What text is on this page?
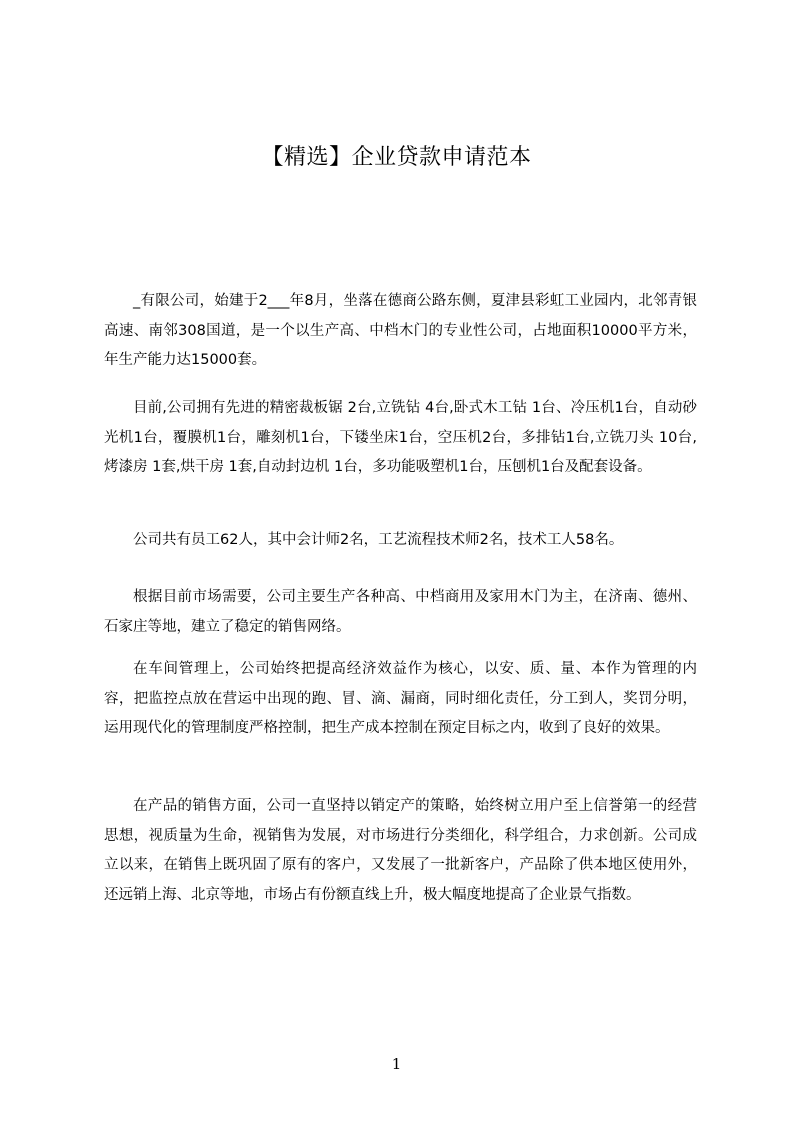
【精选】企业贷款申请范本
_有限公司，始建于2___年8月，坐落在德商公路东侧，夏津县彩虹工业园内，北邻青银高速、南邻308国道，是一个以生产高、中档木门的专业性公司，占地面积10000平方米，年生产能力达15000套。
目前,公司拥有先进的精密裁板锯 2台,立铣钻 4台,卧式木工钻 1台、冷压机1台，自动砂光机1台，覆膜机1台，雕刻机1台，下镂坐床1台，空压机2台，多排钻1台,立铣刀头 10台,烤漆房 1套,烘干房 1套,自动封边机 1台，多功能吸塑机1台，压刨机1台及配套设备。
公司共有员工62人，其中会计师2名，工艺流程技术师2名，技术工人58名。
根据目前市场需要，公司主要生产各种高、中档商用及家用木门为主，在济南、德州、石家庄等地，建立了稳定的销售网络。
在车间管理上，公司始终把提高经济效益作为核心，以安、质、量、本作为管理的内容，把监控点放在营运中出现的跑、冒、滴、漏商，同时细化责任，分工到人，奖罚分明，运用现代化的管理制度严格控制，把生产成本控制在预定目标之内，收到了良好的效果。
在产品的销售方面，公司一直坚持以销定产的策略，始终树立用户至上信誉第一的经营思想，视质量为生命，视销售为发展，对市场进行分类细化，科学组合，力求创新。公司成立以来，在销售上既巩固了原有的客户，又发展了一批新客户，产品除了供本地区使用外，还远销上海、北京等地，市场占有份额直线上升，极大幅度地提高了企业景气指数。
1
